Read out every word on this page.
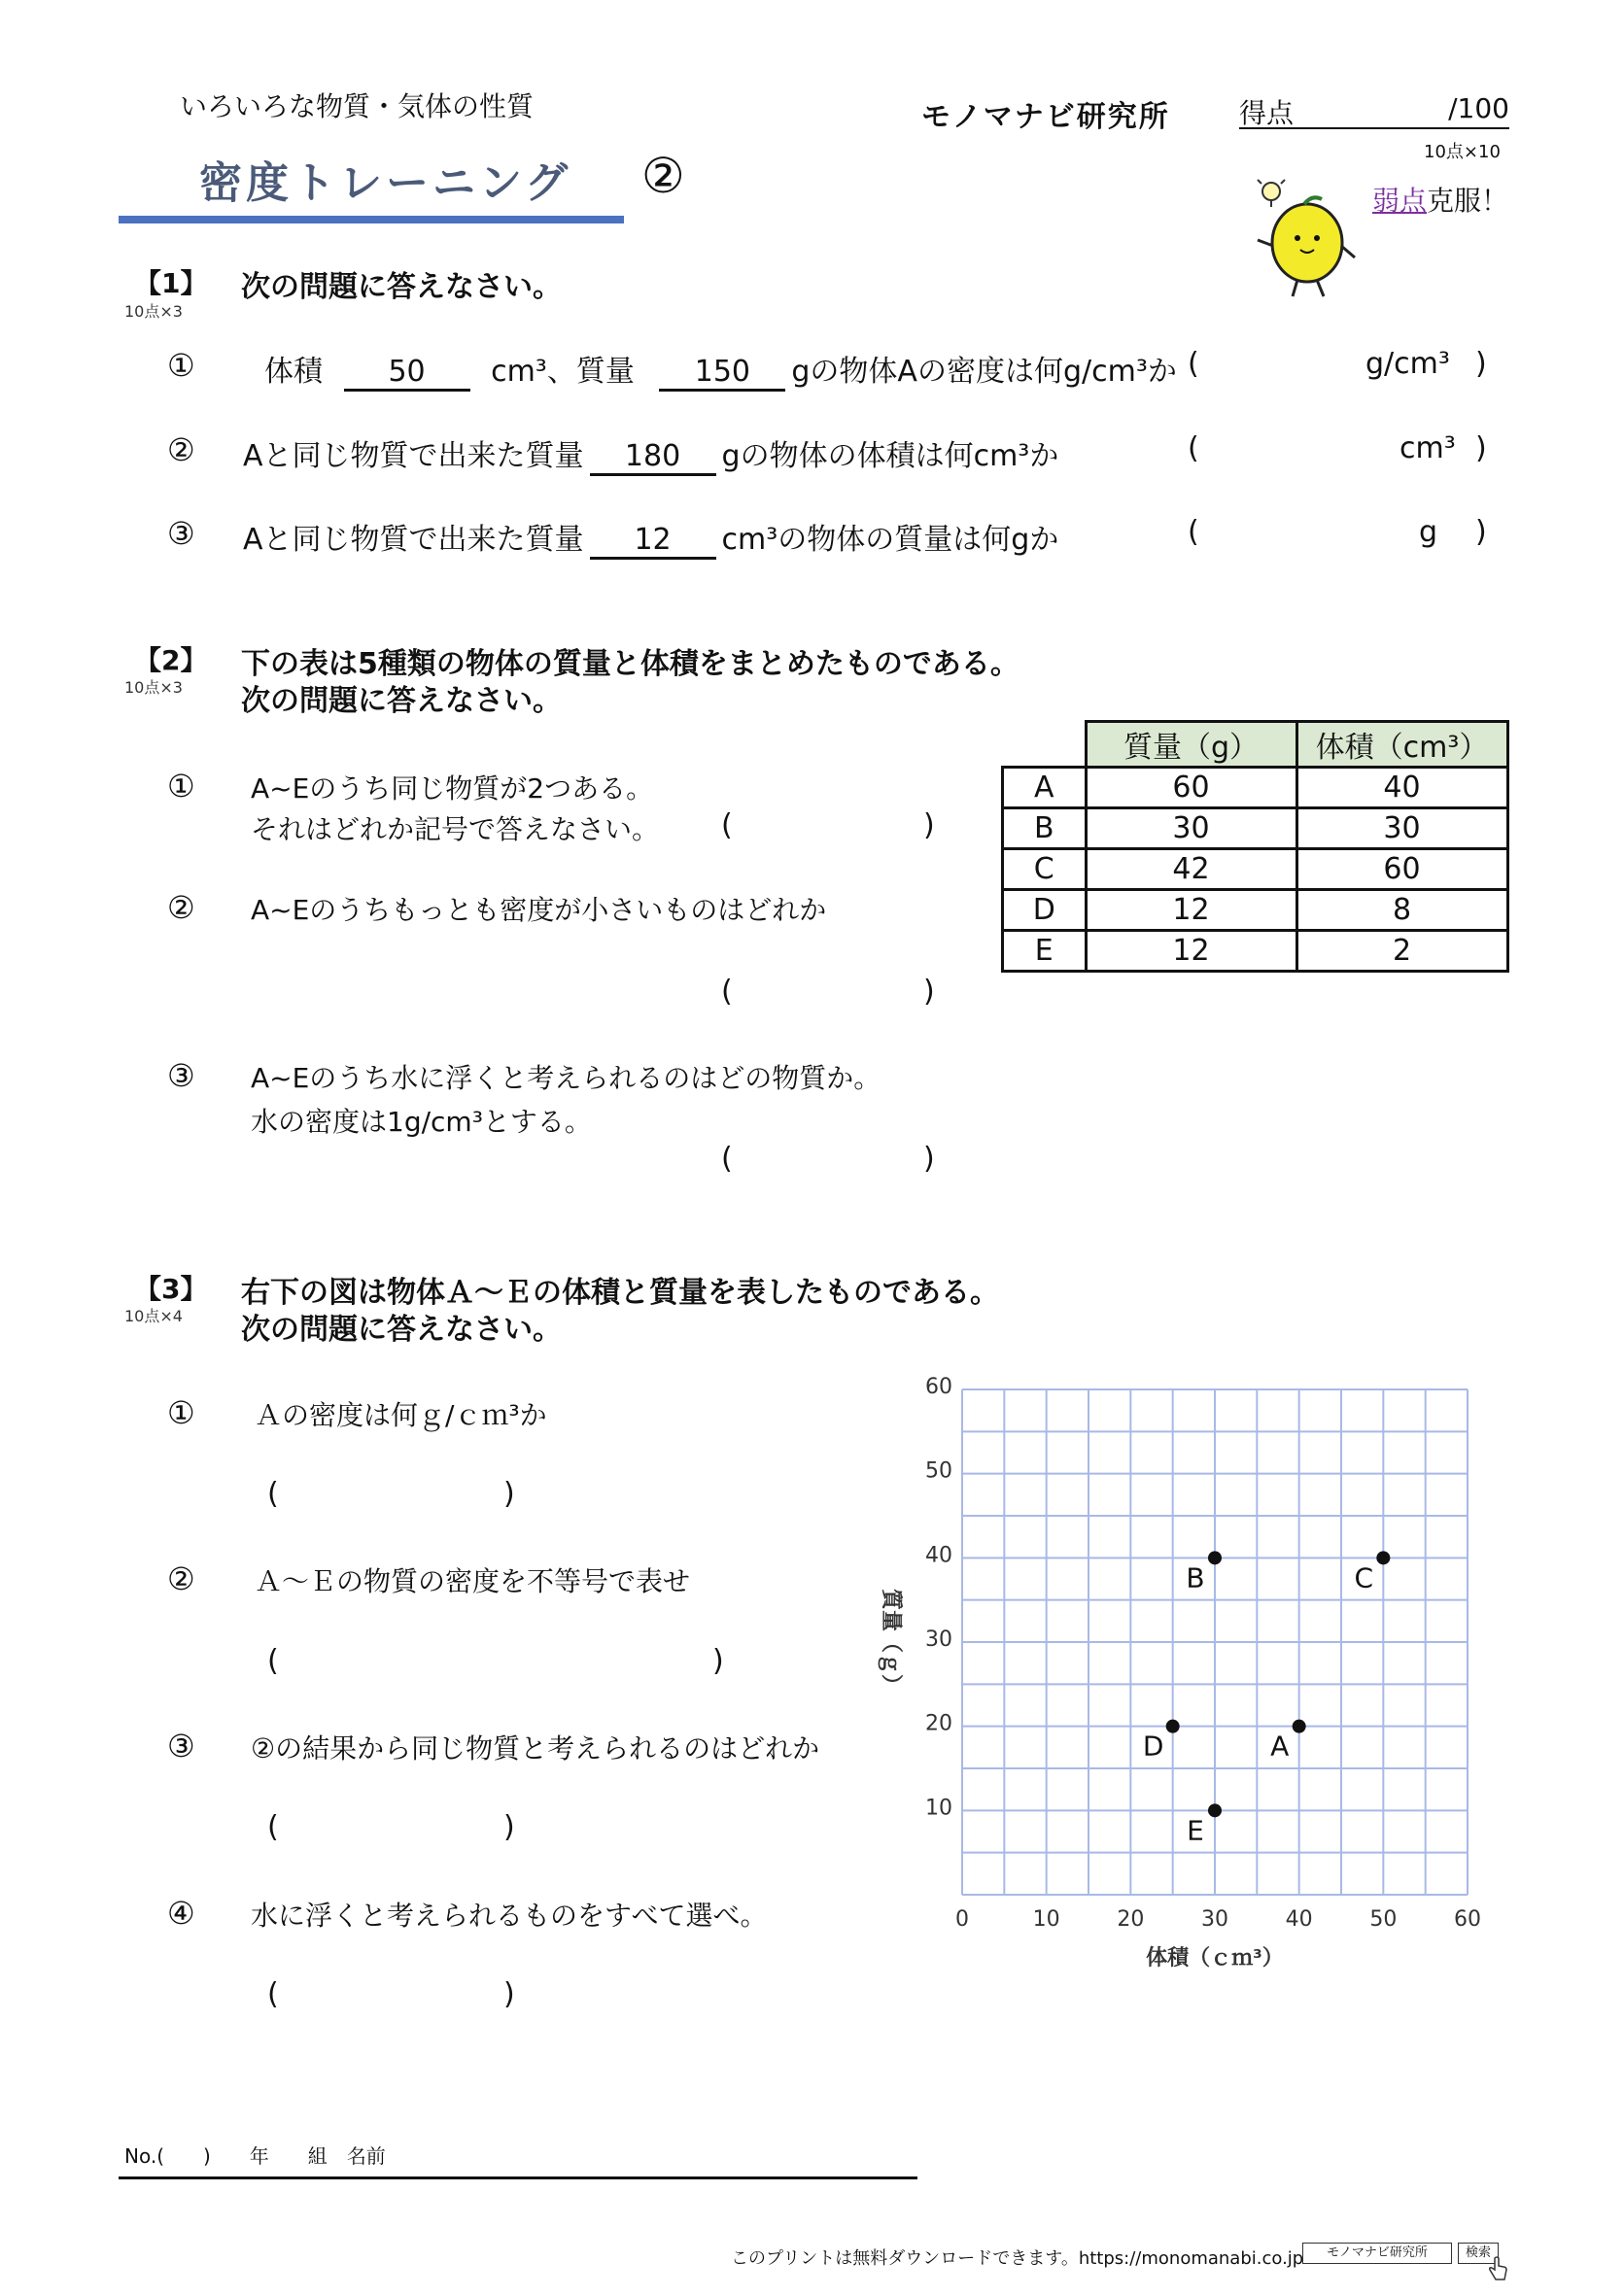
いろいろな物質・気体の性質
密度トレーニング ②
モノマナビ研究所	得点	/100
10点×10
弱点克服！
【1】
10点×3
次の問題に答えなさい。
① 体積 50 cm³、質量 150 gの物体Aの密度は何g/cm³か (	g/cm³ )
② Aと同じ物質で出来た質量 180 gの物体の体積は何cm³か	(	cm³ )
③ Aと同じ物質で出来た質量 12 cm³の物体の質量は何gか	(	g )
【2】
10点×3
下の表は5種類の物体の質量と体積をまとめたものである。
次の問題に答えなさい。
① A~Eのうち同じ物質が2つある。
それはどれか記号で答えなさい。 (	)
② A~Eのうちもっとも密度が小さいものはどれか
(	)
③ A~Eのうち水に浮くと考えられるのはどの物質か。
水の密度は1g/cm³とする。
(	)
	質量（g）	体積（cm³）
A	60	40
B	30	30
C	42	60
D	12	8
E	12	2
【3】
10点×4
右下の図は物体Ａ～Ｅの体積と質量を表したものである。
次の問題に答えなさい。
① Ａの密度は何ｇ/ｃｍ³か
(	)
② Ａ～Ｅの物質の密度を不等号で表せ
(	)
③ ②の結果から同じ物質と考えられるのはどれか
(	)
④ 水に浮くと考えられるものをすべて選べ。
(	)
0	10	20	30	40	50	60
10
20
30
40
50
60
A
B	C
D
E
体積（ｃｍ³）
質量（ｇ）
No.(　　)　　年　　組　名前
このプリントは無料ダウンロードできます。https://monomanabi.co.jp	モノマナビ研究所	検索
